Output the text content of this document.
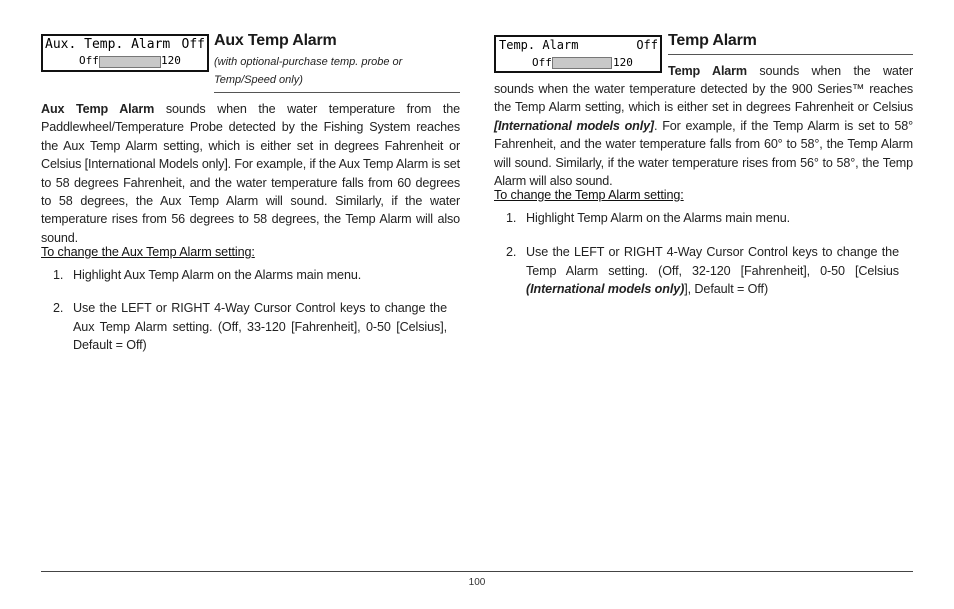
Aux. Temp. Alarm Off
Off	120
Aux Temp Alarm
(with optional-purchase temp. probe or
Temp/Speed only)
Aux Temp Alarm sounds when the water temperature from the Paddlewheel/Temperature Probe detected by the Fishing System reaches the Aux Temp Alarm setting, which is either set in degrees Fahrenheit or Celsius [International Models only]. For example, if the Aux Temp Alarm is set to 58 degrees Fahrenheit, and the water temperature falls from 60 degrees to 58 degrees, the Aux Temp Alarm will sound. Similarly, if the water temperature rises from 56 degrees to 58 degrees, the Temp Alarm will also sound.
To change the Aux Temp Alarm setting:
1. Highlight Aux Temp Alarm on the Alarms main menu.
2. Use the LEFT or RIGHT 4-Way Cursor Control keys to change the Aux Temp Alarm setting. (Off, 33-120 [Fahrenheit], 0-50 [Celsius], Default = Off)
Temp. Alarm	Off
Off	120
Temp Alarm
Temp Alarm sounds when the water
sounds when the water temperature detected by the 900 Series™ reaches the Temp Alarm setting, which is either set in degrees Fahrenheit or Celsius [International models only]. For example, if the Temp Alarm is set to 58° Fahrenheit, and the water temperature falls from 60° to 58°, the Temp Alarm will sound. Similarly, if the water temperature rises from 56° to 58°, the Temp Alarm will also sound.
To change the Temp Alarm setting:
1. Highlight Temp Alarm on the Alarms main menu.
2. Use the LEFT or RIGHT 4-Way Cursor Control keys to change the Temp Alarm setting. (Off, 32-120 [Fahrenheit], 0-50 [Celsius (International models only)], Default = Off)
100
